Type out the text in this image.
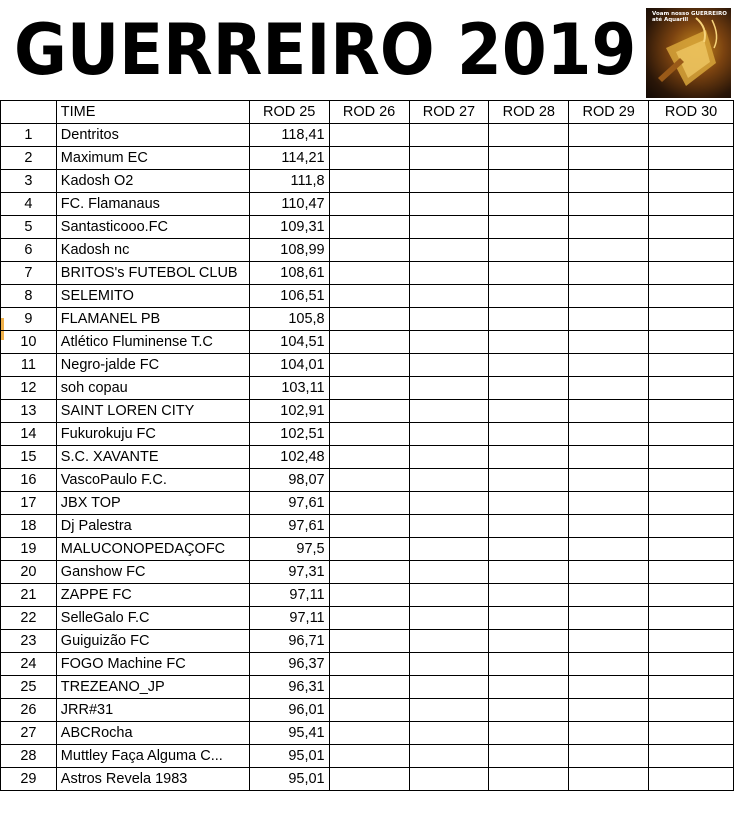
GUERREIRO 2019	Voam nosso GUERREIRO até Aquarill
	TIME	ROD 25	ROD 26	ROD 27	ROD 28	ROD 29	ROD 30
1	Dentritos	118,41					
2	Maximum EC	114,21					
3	Kadosh O2	111,8					
4	FC. Flamanaus	110,47					
5	Santasticooo.FC	109,31					
6	Kadosh nc	108,99					
7	BRITOS's FUTEBOL CLUB	108,61					
8	SELEMITO	106,51					
9	FLAMANEL PB	105,8					
10	Atlético Fluminense T.C	104,51					
11	Negro-jalde FC	104,01					
12	soh copau	103,11					
13	SAINT LOREN CITY	102,91					
14	Fukurokuju FC	102,51					
15	S.C. XAVANTE	102,48					
16	VascoPaulo F.C.	98,07					
17	JBX TOP	97,61					
18	Dj Palestra	97,61					
19	MALUCONOPEDAÇOFC	97,5					
20	Ganshow FC	97,31					
21	ZAPPE FC	97,11					
22	SelleGalo F.C	97,11					
23	Guiguizão FC	96,71					
24	FOGO Machine FC	96,37					
25	TREZEANO_JP	96,31					
26	JRR#31	96,01					
27	ABCRocha	95,41					
28	Muttley Faça Alguma C...	95,01					
29	Astros Revela 1983	95,01					
